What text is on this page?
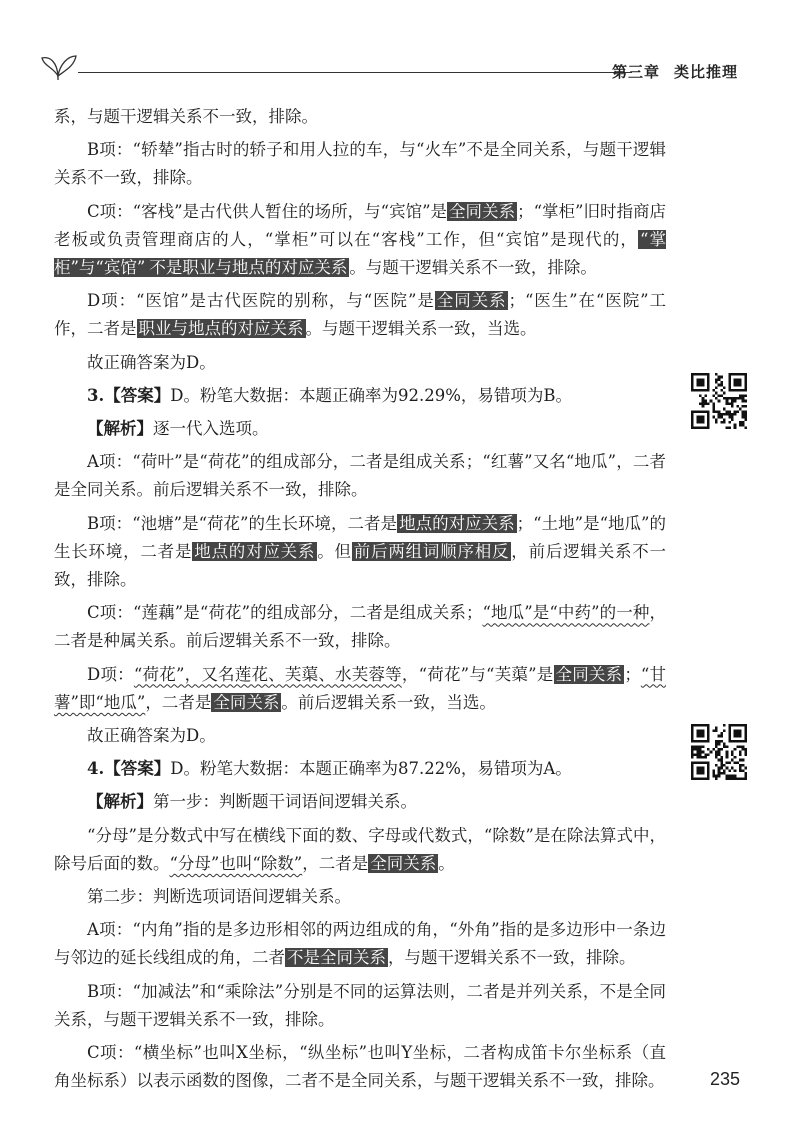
第三章 类比推理

系，与题干逻辑关系不一致，排除。

B项：“轿辇”指古时的轿子和用人拉的车，与“火车”不是全同关系，与题干逻辑关系不一致，排除。

C项：“客栈”是古代供人暂住的场所，与“宾馆”是 全同关系 ；“掌柜”旧时指商店老板或负责管理商店的人，“掌柜”可以在“客栈”工作，但“宾馆”是现代的， “掌柜”与“宾馆” 不是职业与地点的对应关系 。与题干逻辑关系不一致，排除。

D项：“医馆”是古代医院的别称，与“医院”是 全同关系 ；“医生”在“医院”工作，二者是 职业与地点的对应关系 。与题干逻辑关系一致，当选。

故正确答案为D。

3.【答案】D。粉笔大数据：本题正确率为92.29%，易错项为B。

【解析】逐一代入选项。

A项：“荷叶”是“荷花”的组成部分，二者是组成关系；“红薯”又名“地瓜”，二者是全同关系。前后逻辑关系不一致，排除。

B项：“池塘”是“荷花”的生长环境，二者是 地点的对应关系 ；“土地”是“地瓜”的生长环境，二者是 地点的对应关系 。但 前后两组词顺序相反 ，前后逻辑关系不一致，排除。

C项：“莲藕”是“荷花”的组成部分，二者是组成关系；“地瓜”是“中药”的一种，二者是种属关系。前后逻辑关系不一致，排除。

D项：“荷花”，又名莲花、芙蕖、水芙蓉等，“荷花”与“芙蕖”是 全同关系 ；“甘薯”即“地瓜”，二者是 全同关系 。前后逻辑关系一致，当选。

故正确答案为D。

4.【答案】D。粉笔大数据：本题正确率为87.22%，易错项为A。

【解析】第一步：判断题干词语间逻辑关系。

“分母”是分数式中写在横线下面的数、字母或代数式，“除数”是在除法算式中，除号后面的数。“分母”也叫“除数”，二者是 全同关系 。

第二步：判断选项词语间逻辑关系。

A项：“内角”指的是多边形相邻的两边组成的角，“外角”指的是多边形中一条边与邻边的延长线组成的角，二者 不是全同关系 ，与题干逻辑关系不一致，排除。

B项：“加减法”和“乘除法”分别是不同的运算法则，二者是并列关系，不是全同关系，与题干逻辑关系不一致，排除。

C项：“横坐标”也叫X坐标，“纵坐标”也叫Y坐标，二者构成笛卡尔坐标系（直角坐标系）以表示函数的图像，二者不是全同关系，与题干逻辑关系不一致，排除。	235
